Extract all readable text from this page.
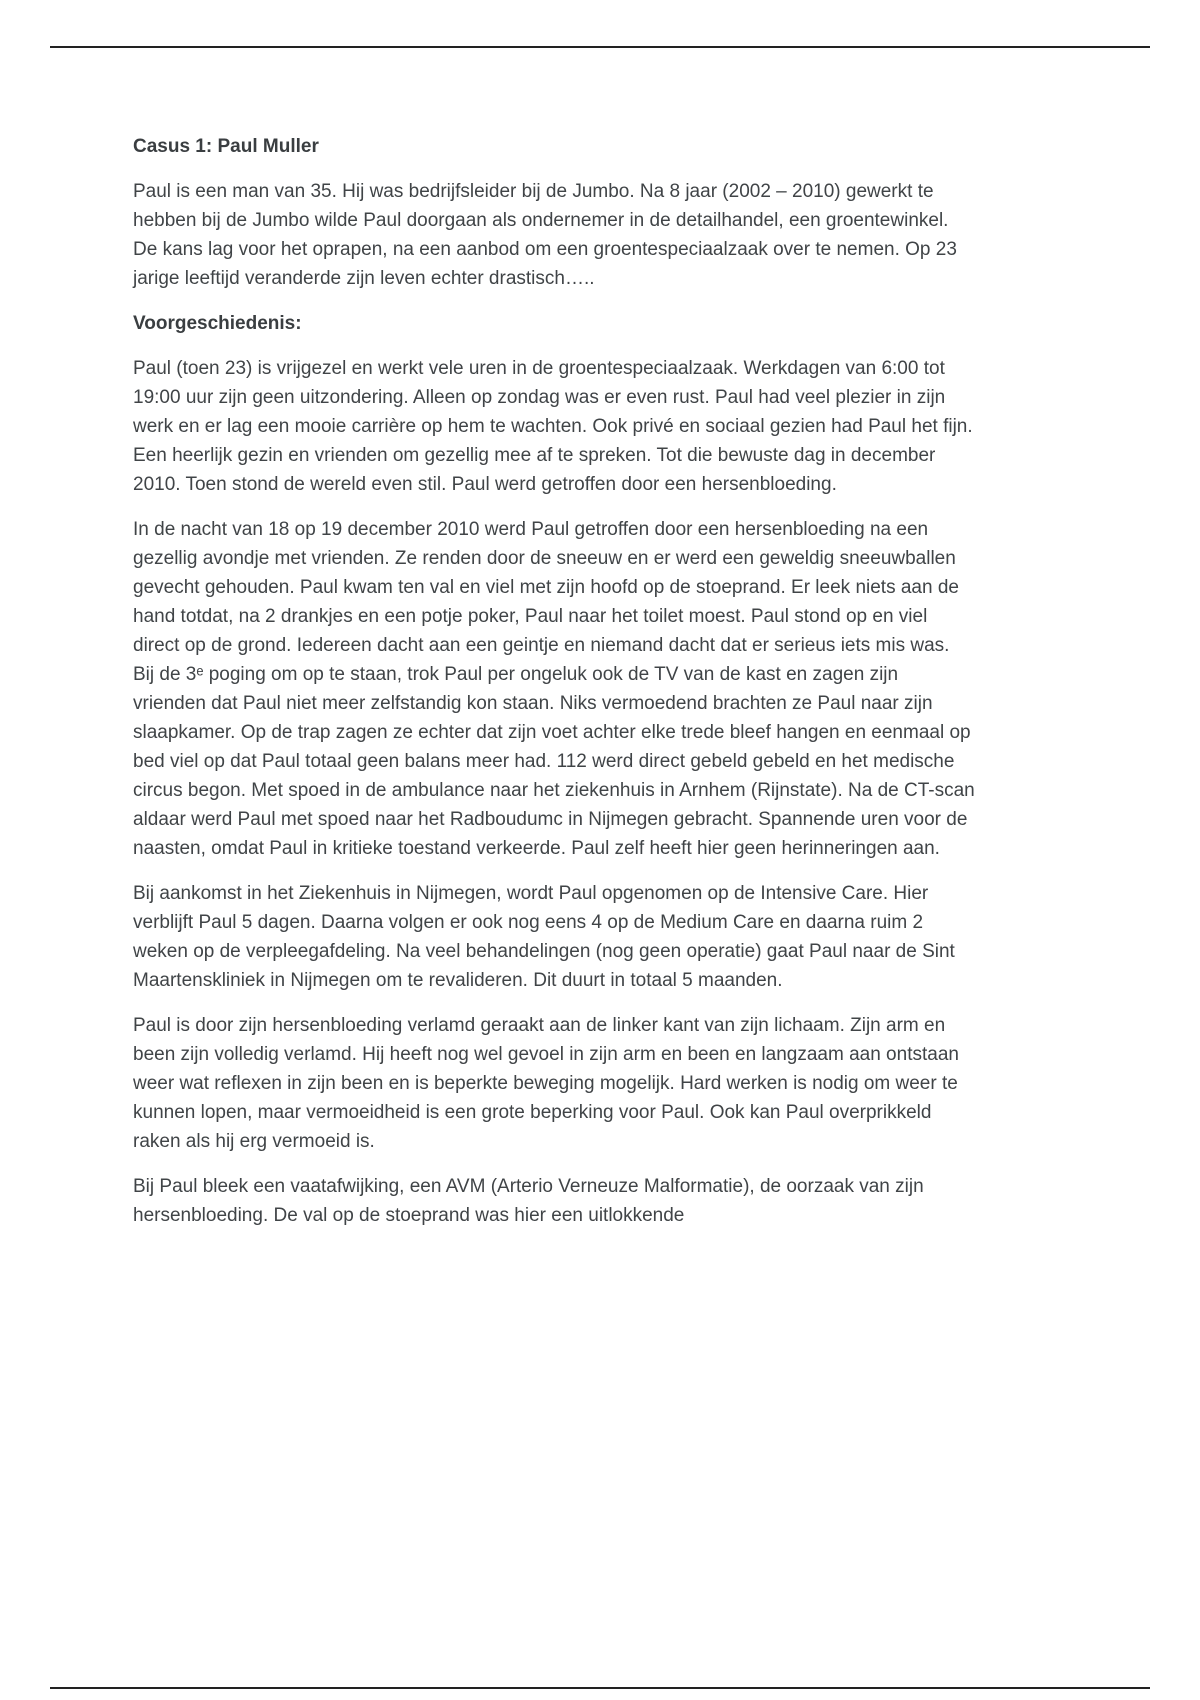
Casus 1: Paul Muller

Paul is een man van 35. Hij was bedrijfsleider bij de Jumbo. Na 8 jaar (2002 – 2010) gewerkt te hebben bij de Jumbo wilde Paul doorgaan als ondernemer in de detailhandel, een groentewinkel. De kans lag voor het oprapen, na een aanbod om een groentespeciaalzaak over te nemen. Op 23 jarige leeftijd veranderde zijn leven echter drastisch…..

Voorgeschiedenis:

Paul (toen 23) is vrijgezel en werkt vele uren in de groentespeciaalzaak. Werkdagen van 6:00 tot 19:00 uur zijn geen uitzondering. Alleen op zondag was er even rust. Paul had veel plezier in zijn werk en er lag een mooie carrière op hem te wachten. Ook privé en sociaal gezien had Paul het fijn. Een heerlijk gezin en vrienden om gezellig mee af te spreken. Tot die bewuste dag in december 2010. Toen stond de wereld even stil. Paul werd getroffen door een hersenbloeding.

In de nacht van 18 op 19 december 2010 werd Paul getroffen door een hersenbloeding na een gezellig avondje met vrienden. Ze renden door de sneeuw en er werd een geweldig sneeuwballen gevecht gehouden. Paul kwam ten val en viel met zijn hoofd op de stoeprand. Er leek niets aan de hand totdat, na 2 drankjes en een potje poker, Paul naar het toilet moest. Paul stond op en viel direct op de grond. Iedereen dacht aan een geintje en niemand dacht dat er serieus iets mis was. Bij de 3ᵉ poging om op te staan, trok Paul per ongeluk ook de TV van de kast en zagen zijn vrienden dat Paul niet meer zelfstandig kon staan. Niks vermoedend brachten ze Paul naar zijn slaapkamer. Op de trap zagen ze echter dat zijn voet achter elke trede bleef hangen en eenmaal op bed viel op dat Paul totaal geen balans meer had. 112 werd direct gebeld gebeld en het medische circus begon. Met spoed in de ambulance naar het ziekenhuis in Arnhem (Rijnstate). Na de CT-scan aldaar werd Paul met spoed naar het Radboudumc in Nijmegen gebracht. Spannende uren voor de naasten, omdat Paul in kritieke toestand verkeerde. Paul zelf heeft hier geen herinneringen aan.

Bij aankomst in het Ziekenhuis in Nijmegen, wordt Paul opgenomen op de Intensive Care. Hier verblijft Paul 5 dagen. Daarna volgen er ook nog eens 4 op de Medium Care en daarna ruim 2 weken op de verpleegafdeling. Na veel behandelingen (nog geen operatie) gaat Paul naar de Sint Maartenskliniek in Nijmegen om te revalideren. Dit duurt in totaal 5 maanden.

Paul is door zijn hersenbloeding verlamd geraakt aan de linker kant van zijn lichaam. Zijn arm en been zijn volledig verlamd. Hij heeft nog wel gevoel in zijn arm en been en langzaam aan ontstaan weer wat reflexen in zijn been en is beperkte beweging mogelijk. Hard werken is nodig om weer te kunnen lopen, maar vermoeidheid is een grote beperking voor Paul. Ook kan Paul overprikkeld raken als hij erg vermoeid is.

Bij Paul bleek een vaatafwijking, een AVM (Arterio Verneuze Malformatie), de oorzaak van zijn hersenbloeding. De val op de stoeprand was hier een uitlokkende
